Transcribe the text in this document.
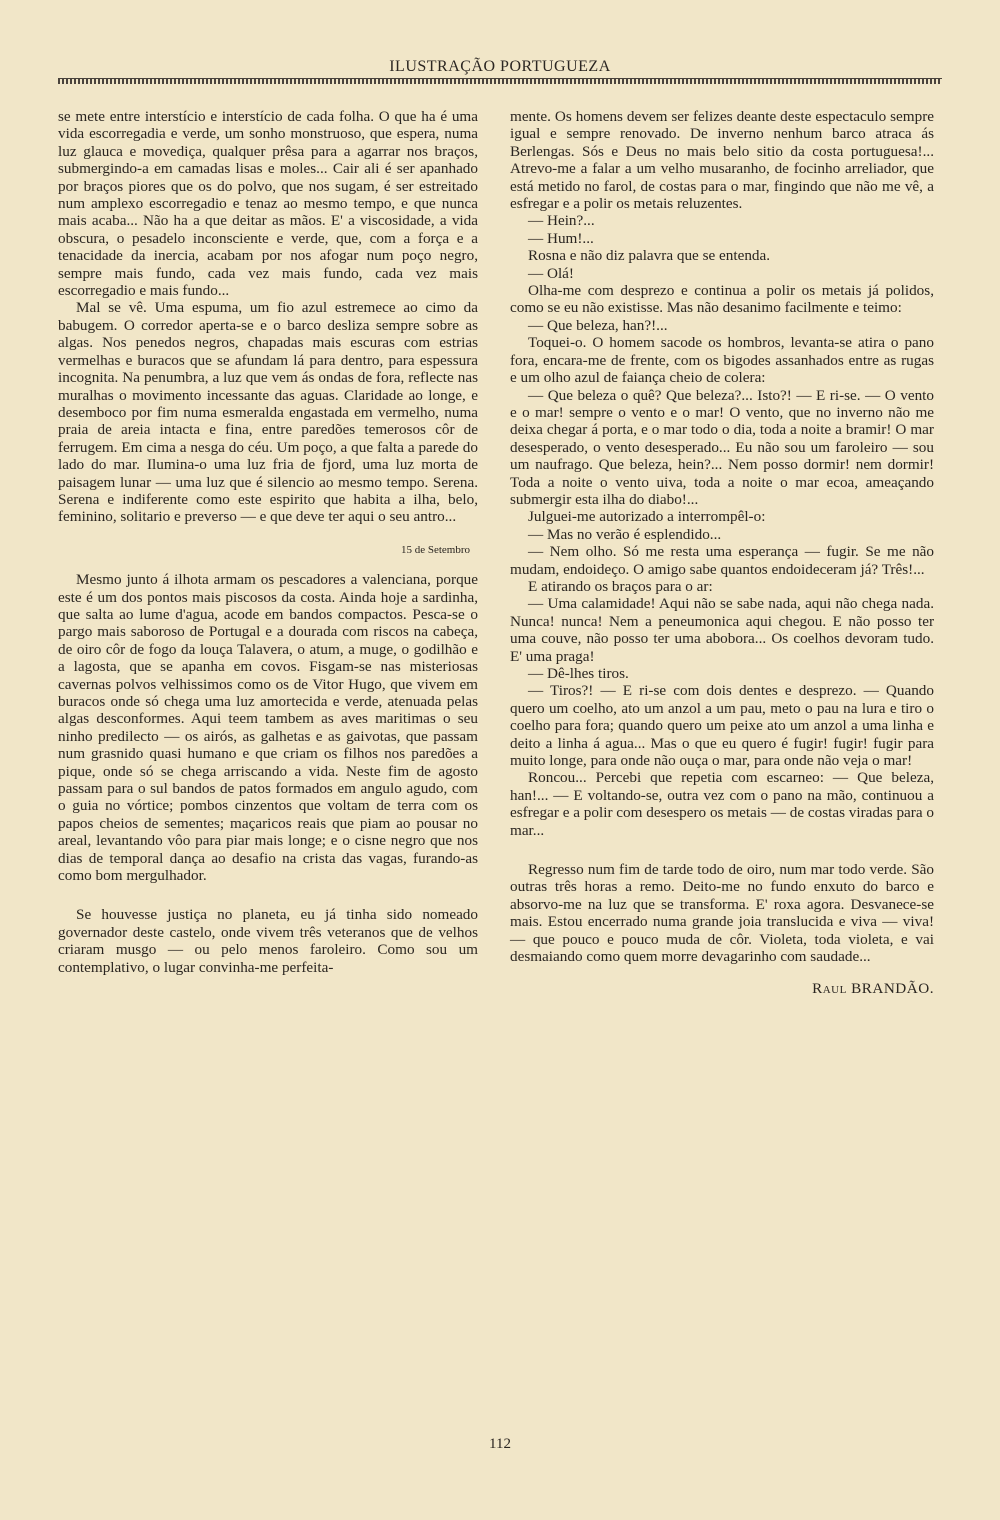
ILUSTRAÇÃO PORTUGUEZA

se mete entre interstício e interstício de cada folha. O que ha é uma vida escorregadia e verde, um sonho monstruoso, que espera, numa luz glauca e movediça, qualquer prêsa para a agarrar nos braços, submergindo-a em camadas lisas e moles... Cair ali é ser apanhado por braços piores que os do polvo, que nos sugam, é ser estreitado num amplexo escorregadio e tenaz ao mesmo tempo, e que nunca mais acaba... Não ha a que deitar as mãos. E' a viscosidade, a vida obscura, o pesadelo inconsciente e verde, que, com a força e a tenacidade da inercia, acabam por nos afogar num poço negro, sempre mais fundo, cada vez mais fundo, cada vez mais escorregadio e mais fundo...

Mal se vê. Uma espuma, um fio azul estremece ao cimo da babugem. O corredor aperta-se e o barco desliza sempre sobre as algas. Nos penedos negros, chapadas mais escuras com estrias vermelhas e buracos que se afundam lá para dentro, para espessura incognita. Na penumbra, a luz que vem ás ondas de fora, reflecte nas muralhas o movimento incessante das aguas. Claridade ao longe, e desemboco por fim numa esmeralda engastada em vermelho, numa praia de areia intacta e fina, entre paredões temerosos côr de ferrugem. Em cima a nesga do céu. Um poço, a que falta a parede do lado do mar. Ilumina-o uma luz fria de fjord, uma luz morta de paisagem lunar — uma luz que é silencio ao mesmo tempo. Serena. Serena e indiferente como este espirito que habita a ilha, belo, feminino, solitario e preverso — e que deve ter aqui o seu antro...

15 de Setembro

Mesmo junto á ilhota armam os pescadores a valenciana, porque este é um dos pontos mais piscosos da costa. Ainda hoje a sardinha, que salta ao lume d'agua, acode em bandos compactos. Pesca-se o pargo mais saboroso de Portugal e a dourada com riscos na cabeça, de oiro côr de fogo da louça Talavera, o atum, a muge, o godilhão e a lagosta, que se apanha em covos. Fisgam-se nas misteriosas cavernas polvos velhissimos como os de Vitor Hugo, que vivem em buracos onde só chega uma luz amortecida e verde, atenuada pelas algas desconformes. Aqui teem tambem as aves maritimas o seu ninho predilecto — os airós, as galhetas e as gaivotas, que passam num grasnido quasi humano e que criam os filhos nos paredões a pique, onde só se chega arriscando a vida. Neste fim de agosto passam para o sul bandos de patos formados em angulo agudo, com o guia no vórtice; pombos cinzentos que voltam de terra com os papos cheios de sementes; maçaricos reais que piam ao pousar no areal, levantando vôo para piar mais longe; e o cisne negro que nos dias de temporal dança ao desafio na crista das vagas, furando-as como bom mergulhador.

Se houvesse justiça no planeta, eu já tinha sido nomeado governador deste castelo, onde vivem três veteranos que de velhos criaram musgo — ou pelo menos faroleiro. Como sou um contemplativo, o lugar convinha-me perfeita-

mente. Os homens devem ser felizes deante deste espectaculo sempre igual e sempre renovado. De inverno nenhum barco atraca ás Berlengas. Sós e Deus no mais belo sitio da costa portuguesa!... Atrevo-me a falar a um velho musaranho, de focinho arreliador, que está metido no farol, de costas para o mar, fingindo que não me vê, a esfregar e a polir os metais reluzentes.

— Hein?...

— Hum!...

Rosna e não diz palavra que se entenda.

— Olá!

Olha-me com desprezo e continua a polir os metais já polidos, como se eu não existisse. Mas não desanimo facilmente e teimo:

— Que beleza, han?!...

Toquei-o. O homem sacode os hombros, levanta-se atira o pano fora, encara-me de frente, com os bigodes assanhados entre as rugas e um olho azul de faiança cheio de colera:

— Que beleza o quê? Que beleza?... Isto?! — E ri-se. — O vento e o mar! sempre o vento e o mar! O vento, que no inverno não me deixa chegar á porta, e o mar todo o dia, toda a noite a bramir! O mar desesperado, o vento desesperado... Eu não sou um faroleiro — sou um naufrago. Que beleza, hein?... Nem posso dormir! nem dormir! Toda a noite o vento uiva, toda a noite o mar ecoa, ameaçando submergir esta ilha do diabo!...

Julguei-me autorizado a interrompêl-o:

— Mas no verão é esplendido...

— Nem olho. Só me resta uma esperança — fugir. Se me não mudam, endoideço. O amigo sabe quantos endoideceram já? Três!...

E atirando os braços para o ar:

— Uma calamidade! Aqui não se sabe nada, aqui não chega nada. Nunca! nunca! Nem a peneumonica aqui chegou. E não posso ter uma couve, não posso ter uma abobora... Os coelhos devoram tudo. E' uma praga!

— Dê-lhes tiros.

— Tiros?! — E ri-se com dois dentes e desprezo. — Quando quero um coelho, ato um anzol a um pau, meto o pau na lura e tiro o coelho para fora; quando quero um peixe ato um anzol a uma linha e deito a linha á agua... Mas o que eu quero é fugir! fugir! fugir para muito longe, para onde não ouça o mar, para onde não veja o mar!

Roncou... Percebi que repetia com escarneo: — Que beleza, han!... — E voltando-se, outra vez com o pano na mão, continuou a esfregar e a polir com desespero os metais — de costas viradas para o mar...

Regresso num fim de tarde todo de oiro, num mar todo verde. São outras três horas a remo. Deito-me no fundo enxuto do barco e absorvo-me na luz que se transforma. E' roxa agora. Desvanece-se mais. Estou encerrado numa grande joia translucida e viva — viva! — que pouco e pouco muda de côr. Violeta, toda violeta, e vai desmaiando como quem morre devagarinho com saudade...

Raul BRANDÃO.

112
